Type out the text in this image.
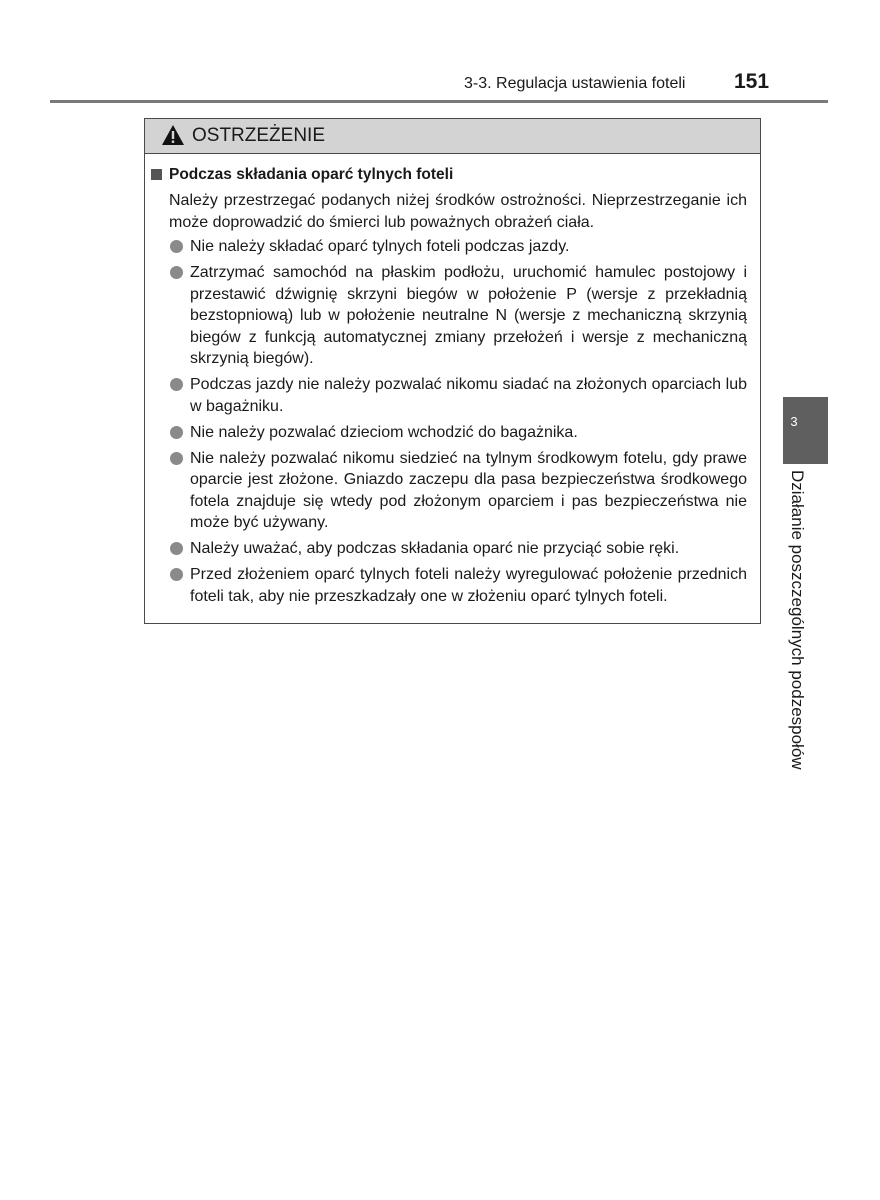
3-3. Regulacja ustawienia foteli 151
OSTRZEŻENIE
Podczas składania oparć tylnych foteli
Należy przestrzegać podanych niżej środków ostrożności. Nieprzestrzeganie ich może doprowadzić do śmierci lub poważnych obrażeń ciała.
Nie należy składać oparć tylnych foteli podczas jazdy.
Zatrzymać samochód na płaskim podłożu, uruchomić hamulec postojowy i przestawić dźwignię skrzyni biegów w położenie P (wersje z przekładnią bezstopniową) lub w położenie neutralne N (wersje z mechaniczną skrzynią biegów z funkcją automatycznej zmiany przełożeń i wersje z mechaniczną skrzynią biegów).
Podczas jazdy nie należy pozwalać nikomu siadać na złożonych oparciach lub w bagażniku.
Nie należy pozwalać dzieciom wchodzić do bagażnika.
Nie należy pozwalać nikomu siedzieć na tylnym środkowym fotelu, gdy prawe oparcie jest złożone. Gniazdo zaczepu dla pasa bezpieczeństwa środkowego fotela znajduje się wtedy pod złożonym oparciem i pas bezpieczeństwa nie może być używany.
Należy uważać, aby podczas składania oparć nie przyciąć sobie ręki.
Przed złożeniem oparć tylnych foteli należy wyregulować położenie przednich foteli tak, aby nie przeszkadzały one w złożeniu oparć tylnych foteli.
3
Działanie poszczególnych podzespołów
